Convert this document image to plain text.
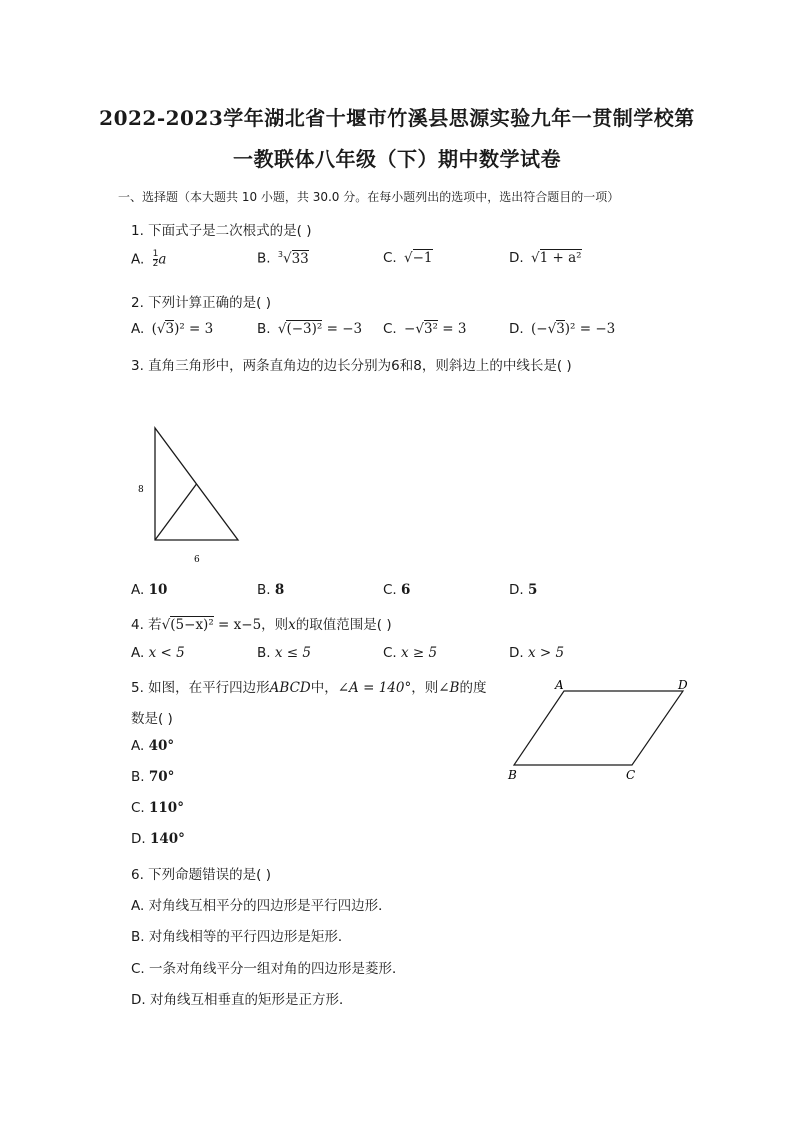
2022-2023学年湖北省十堰市竹溪县思源实验九年一贯制学校第
一教联体八年级（下）期中数学试卷
一、选择题（本大题共 10 小题，共 30.0 分。在每小题列出的选项中，选出符合题目的一项）
1. 下面式子是二次根式的是( )
A. $\frac{1}{2}$ a	B. $^3$√33	C. √−1	D. √1 + a²
2. 下列计算正确的是( )
A. (√3)² = 3	B. √(−3)² = −3 C. −√3² = 3	D. (−√3)² = −3
3. 直角三角形中，两条直角边的边长分别为6和8，则斜边上的中线长是( )
8
6
A. 10	B. 8	C. 6	D. 5
4. 若√(5−x)² = x−5，则x的取值范围是( )
A. x < 5	B. x ≤ 5	C. x ≥ 5	D. x > 5
5. 如图，在平行四边形ABCD中，∠A = 140°，则∠B的度
数是( )
A. 40°
B. 70°
C. 110°
D. 140°
A	D
B	C
6. 下列命题错误的是( )
A. 对角线互相平分的四边形是平行四边形．
B. 对角线相等的平行四边形是矩形．
C. 一条对角线平分一组对角的四边形是菱形．
D. 对角线互相垂直的矩形是正方形．
